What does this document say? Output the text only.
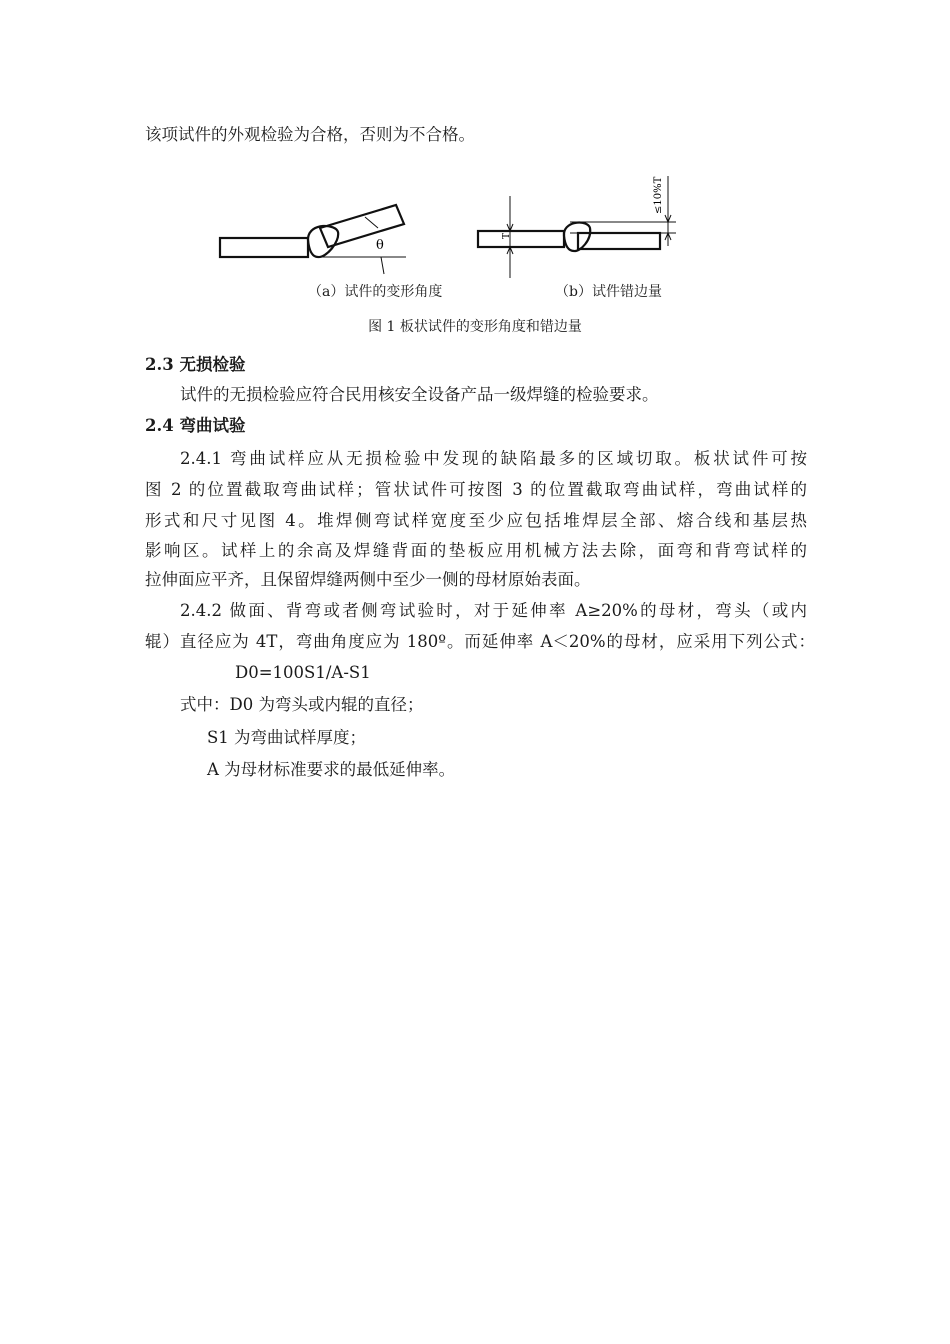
该项试件的外观检验为合格，否则为不合格。
θ
T
≤10%T
（a）试件的变形角度	（b）试件错边量
图 1 板状试件的变形角度和错边量
2.3 无损检验
试件的无损检验应符合民用核安全设备产品一级焊缝的检验要求。
2.4 弯曲试验
2.4.1 弯曲试样应从无损检验中发现的缺陷最多的区域切取。板状试件可按
图 2 的位置截取弯曲试样；管状试件可按图 3 的位置截取弯曲试样，弯曲试样的
形式和尺寸见图 4。堆焊侧弯试样宽度至少应包括堆焊层全部、熔合线和基层热
影响区。试样上的余高及焊缝背面的垫板应用机械方法去除，面弯和背弯试样的
拉伸面应平齐，且保留焊缝两侧中至少一侧的母材原始表面。
2.4.2 做面、背弯或者侧弯试验时，对于延伸率 A≥20%的母材，弯头（或内
辊）直径应为 4T，弯曲角度应为 180º。而延伸率 A＜20%的母材，应采用下列公式：
D0=100S1/A-S1
式中：D0 为弯头或内辊的直径；
S1 为弯曲试样厚度；
A 为母材标准要求的最低延伸率。
